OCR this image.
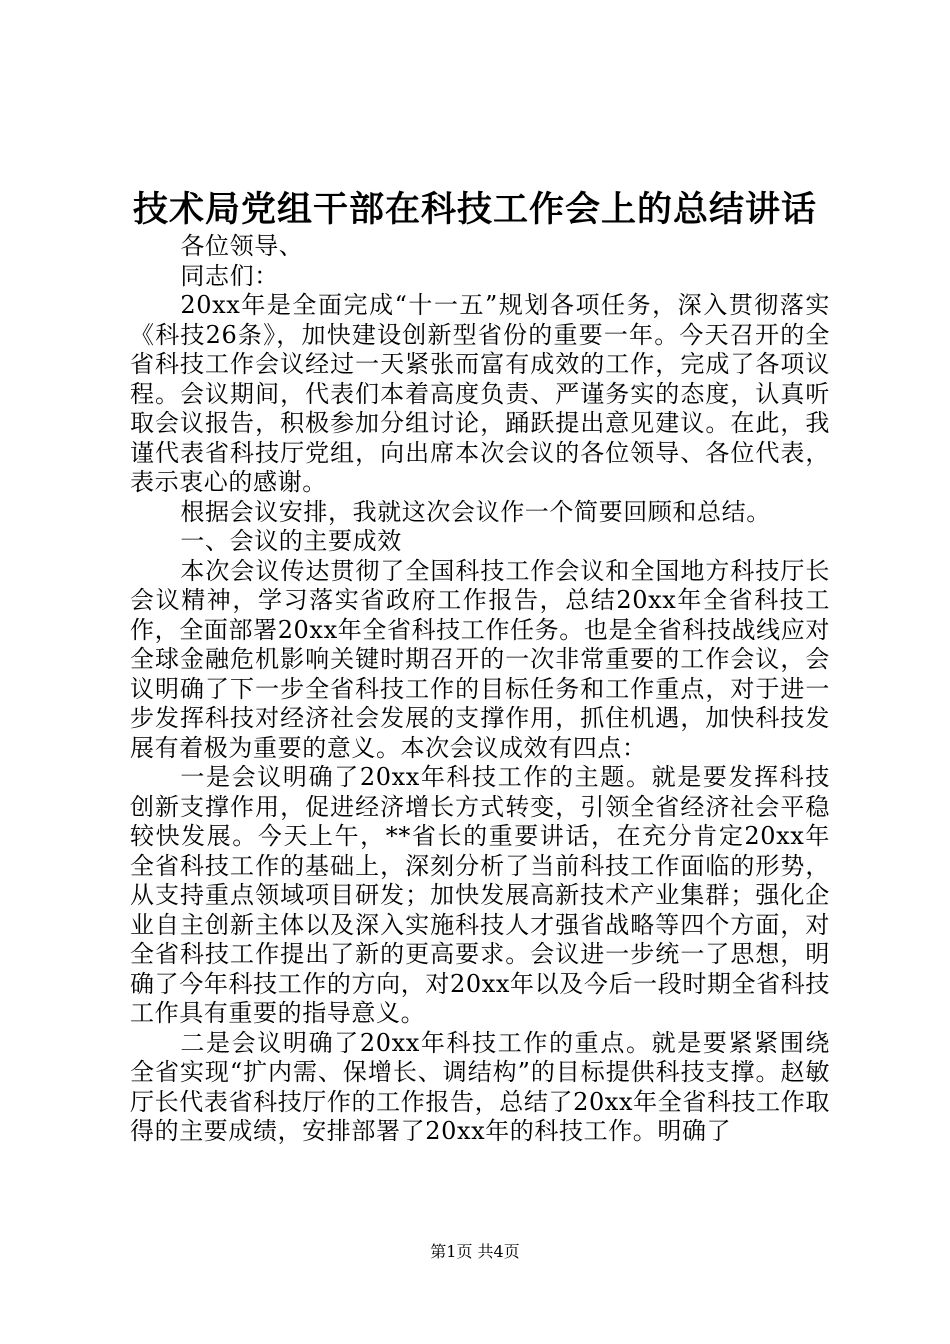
技术局党组干部在科技工作会上的总结讲话

各位领导、

同志们：

20xx年是全面完成“十一五”规划各项任务，深入贯彻落实《科技26条》，加快建设创新型省份的重要一年。今天召开的全省科技工作会议经过一天紧张而富有成效的工作，完成了各项议程。会议期间，代表们本着高度负责、严谨务实的态度，认真听取会议报告，积极参加分组讨论，踊跃提出意见建议。在此，我谨代表省科技厅党组，向出席本次会议的各位领导、各位代表，表示衷心的感谢。

根据会议安排，我就这次会议作一个简要回顾和总结。

一、会议的主要成效

本次会议传达贯彻了全国科技工作会议和全国地方科技厅长会议精神，学习落实省政府工作报告，总结20xx年全省科技工作，全面部署20xx年全省科技工作任务。也是全省科技战线应对全球金融危机影响关键时期召开的一次非常重要的工作会议，会议明确了下一步全省科技工作的目标任务和工作重点，对于进一步发挥科技对经济社会发展的支撑作用，抓住机遇，加快科技发展有着极为重要的意义。本次会议成效有四点：

一是会议明确了20xx年科技工作的主题。就是要发挥科技创新支撑作用，促进经济增长方式转变，引领全省经济社会平稳较快发展。今天上午，**省长的重要讲话，在充分肯定20xx年全省科技工作的基础上，深刻分析了当前科技工作面临的形势，从支持重点领域项目研发；加快发展高新技术产业集群；强化企业自主创新主体以及深入实施科技人才强省战略等四个方面，对全省科技工作提出了新的更高要求。会议进一步统一了思想，明确了今年科技工作的方向，对20xx年以及今后一段时期全省科技工作具有重要的指导意义。

二是会议明确了20xx年科技工作的重点。就是要紧紧围绕全省实现“扩内需、保增长、调结构”的目标提供科技支撑。赵敏厅长代表省科技厅作的工作报告，总结了20xx年全省科技工作取得的主要成绩，安排部署了20xx年的科技工作。明确了

第1页 共4页
